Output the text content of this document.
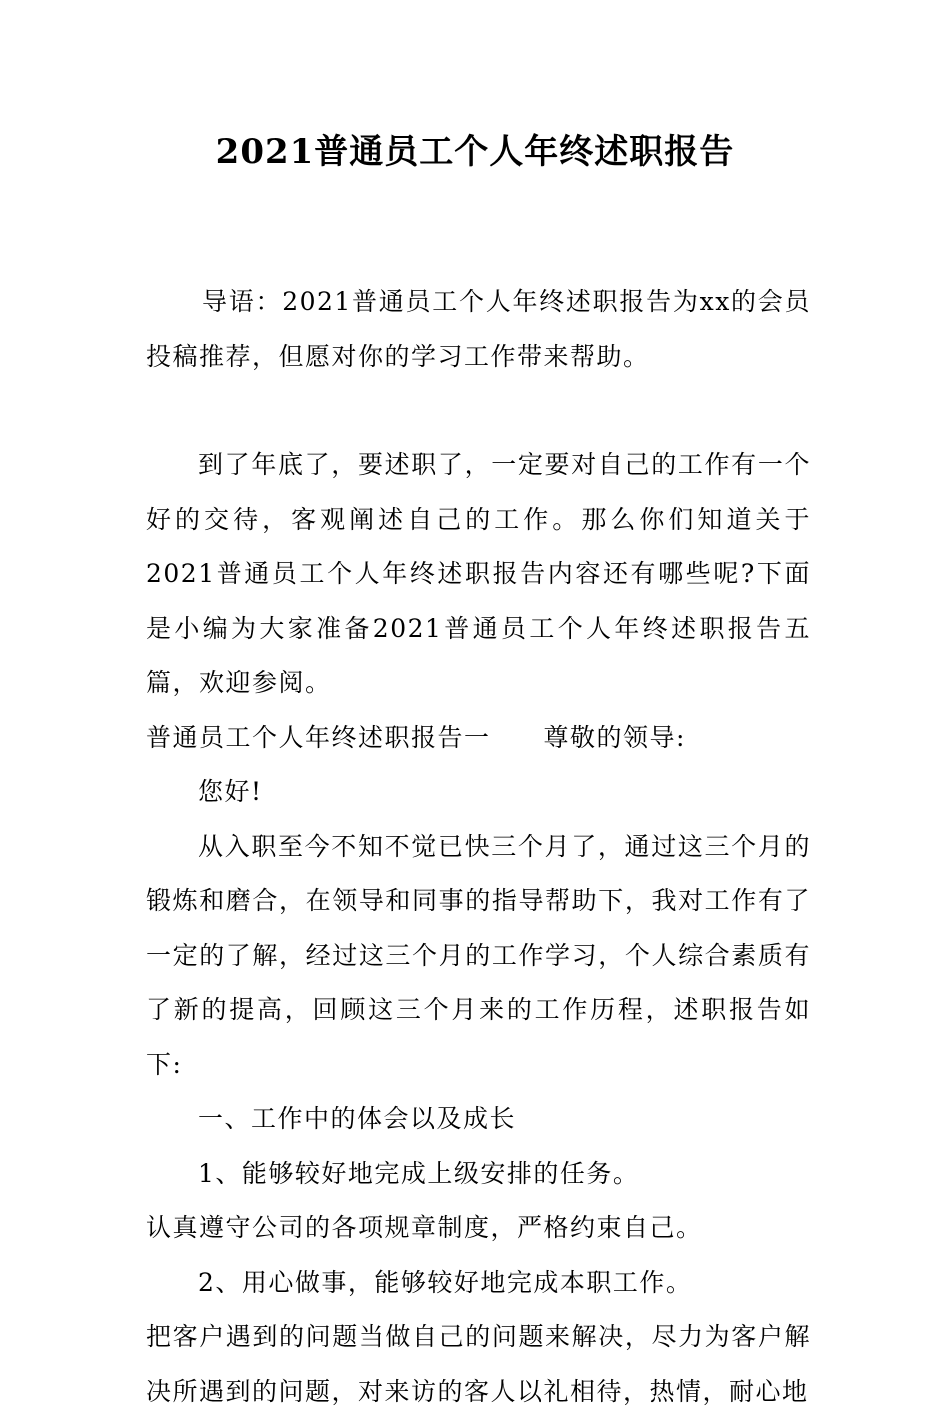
2021普通员工个人年终述职报告

导语：2021普通员工个人年终述职报告为xx的会员投稿推荐，但愿对你的学习工作带来帮助。

到了年底了，要述职了，一定要对自己的工作有一个好的交待，客观阐述自己的工作。那么你们知道关于2021普通员工个人年终述职报告内容还有哪些呢?下面是小编为大家准备2021普通员工个人年终述职报告五篇，欢迎参阅。

普通员工个人年终述职报告一　　尊敬的领导:

您好!

从入职至今不知不觉已快三个月了，通过这三个月的锻炼和磨合，在领导和同事的指导帮助下，我对工作有了一定的了解，经过这三个月的工作学习，个人综合素质有了新的提高，回顾这三个月来的工作历程，述职报告如下:

一、工作中的体会以及成长

1、能够较好地完成上级安排的任务。

认真遵守公司的各项规章制度，严格约束自己。

2、用心做事，能够较好地完成本职工作。

把客户遇到的问题当做自己的问题来解决，尽力为客户解决所遇到的问题，对来访的客人以礼相待，热情，耐心地
